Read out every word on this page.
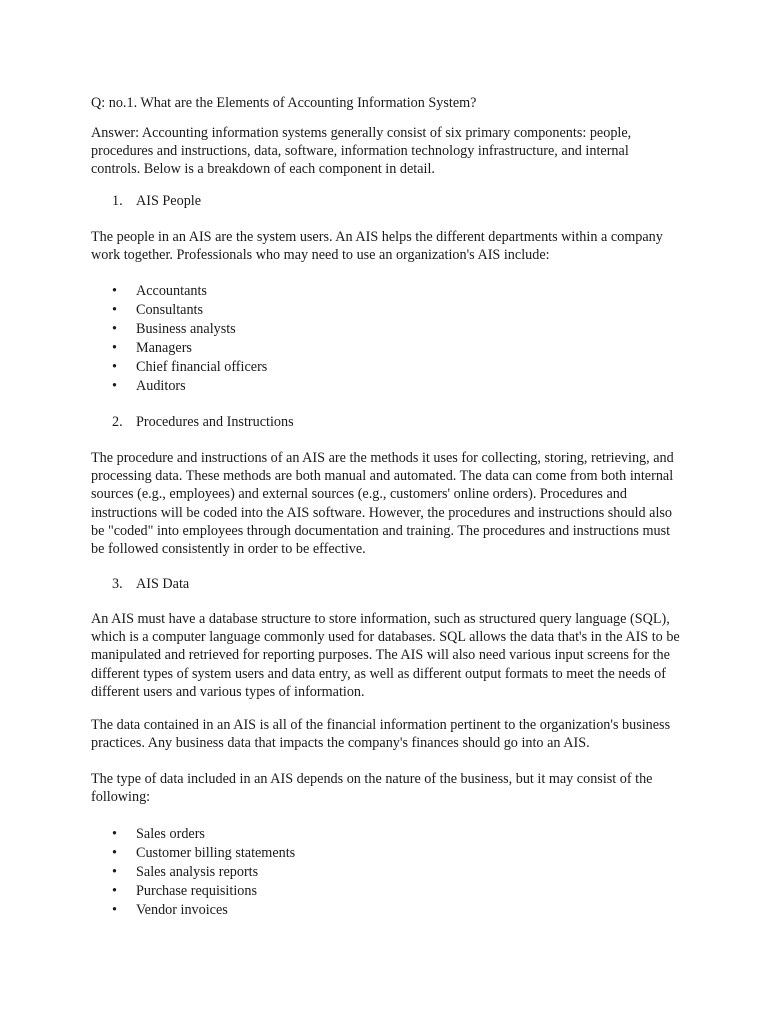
Q: no.1. What are the Elements of Accounting Information System?

Answer: Accounting information systems generally consist of six primary components: people, procedures and instructions, data, software, information technology infrastructure, and internal controls. Below is a breakdown of each component in detail.

1. AIS People

The people in an AIS are the system users. An AIS helps the different departments within a company work together. Professionals who may need to use an organization's AIS include:

• Accountants
• Consultants
• Business analysts
• Managers
• Chief financial officers
• Auditors
2. Procedures and Instructions

The procedure and instructions of an AIS are the methods it uses for collecting, storing, retrieving, and processing data. These methods are both manual and automated. The data can come from both internal sources (e.g., employees) and external sources (e.g., customers' online orders). Procedures and instructions will be coded into the AIS software. However, the procedures and instructions should also be "coded" into employees through documentation and training. The procedures and instructions must be followed consistently in order to be effective.

3. AIS Data

An AIS must have a database structure to store information, such as structured query language (SQL), which is a computer language commonly used for databases. SQL allows the data that's in the AIS to be manipulated and retrieved for reporting purposes. The AIS will also need various input screens for the different types of system users and data entry, as well as different output formats to meet the needs of different users and various types of information.

The data contained in an AIS is all of the financial information pertinent to the organization's business practices. Any business data that impacts the company's finances should go into an AIS.

The type of data included in an AIS depends on the nature of the business, but it may consist of the following:

• Sales orders
• Customer billing statements
• Sales analysis reports
• Purchase requisitions
• Vendor invoices
